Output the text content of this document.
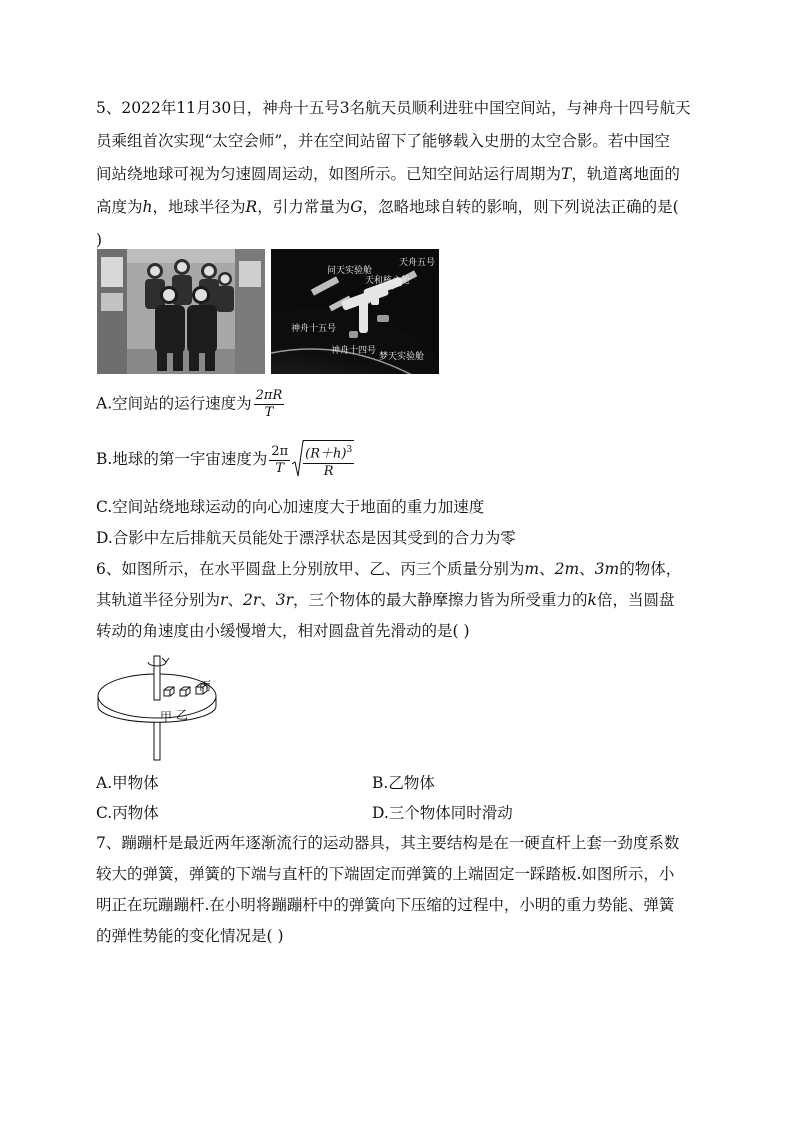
5、2022年11月30日，神舟十五号3名航天员顺利进驻中国空间站，与神舟十四号航天
员乘组首次实现“太空会师”，并在空间站留下了能够载入史册的太空合影。若中国空
间站绕地球可视为匀速圆周运动，如图所示。已知空间站运行周期为T，轨道离地面的
高度为h，地球半径为R，引力常量为G，忽略地球自转的影响，则下列说法正确的是(
)
问天实验舱
天舟五号
天和核心舱
神舟十五号
神舟十四号
梦天实验舱
A.空间站的运行速度为 $\frac{2\pi R}{T}$
B.地球的第一宇宙速度为 $\frac{2\pi}{T} \frac{(R+h)^3}{R}$
C.空间站绕地球运动的向心加速度大于地面的重力加速度
D.合影中左后排航天员能处于漂浮状态是因其受到的合力为零
6、如图所示，在水平圆盘上分别放甲、乙、丙三个质量分别为m、2m、3m的物体，
其轨道半径分别为r、2r、3r，三个物体的最大静摩擦力皆为所受重力的k倍，当圆盘
转动的角速度由小缓慢增大，相对圆盘首先滑动的是( )
甲 乙
丙
A.甲物体	B.乙物体
C.丙物体	D.三个物体同时滑动
7、蹦蹦杆是最近两年逐渐流行的运动器具，其主要结构是在一硬直杆上套一劲度系数
较大的弹簧，弹簧的下端与直杆的下端固定而弹簧的上端固定一踩踏板.如图所示，小
明正在玩蹦蹦杆.在小明将蹦蹦杆中的弹簧向下压缩的过程中，小明的重力势能、弹簧
的弹性势能的变化情况是( )
